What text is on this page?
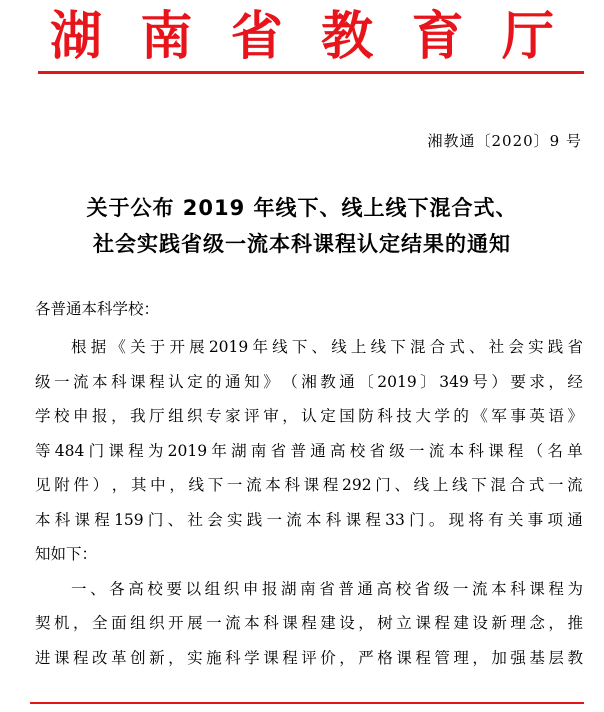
湖 南 省 教 育 厅
湘教通〔2020〕9 号
关于公布 2019 年线下、线上线下混合式、
社会实践省级一流本科课程认定结果的通知
各普通本科学校：
根 据 《 关 于 开 展 2019 年 线 下 、 线 上 线 下 混 合 式 、 社 会 实 践 省
级 一 流 本 科 课 程 认 定 的 通 知 》 （ 湘 教 通 〔 2019 〕 349 号 ） 要 求 ， 经
学 校 申 报 ， 我 厅 组 织 专 家 评 审 ， 认 定 国 防 科 技 大 学 的 《 军 事 英 语 》
等 484 门 课 程 为 2019 年 湖 南 省 普 通 高 校 省 级 一 流 本 科 课 程 （ 名 单
见 附 件 ） ， 其 中 ， 线 下 一 流 本 科 课 程 292 门 、 线 上 线 下 混 合 式 一 流
本 科 课 程 159 门 、 社 会 实 践 一 流 本 科 课 程 33 门 。 现 将 有 关 事 项 通
知 如 下 ：
一 、 各 高 校 要 以 组 织 申 报 湖 南 省 普 通 高 校 省 级 一 流 本 科 课 程 为
契 机 ， 全 面 组 织 开 展 一 流 本 科 课 程 建 设 ， 树 立 课 程 建 设 新 理 念 ， 推
进 课 程 改 革 创 新 ， 实 施 科 学 课 程 评 价 ， 严 格 课 程 管 理 ， 加 强 基 层 教
